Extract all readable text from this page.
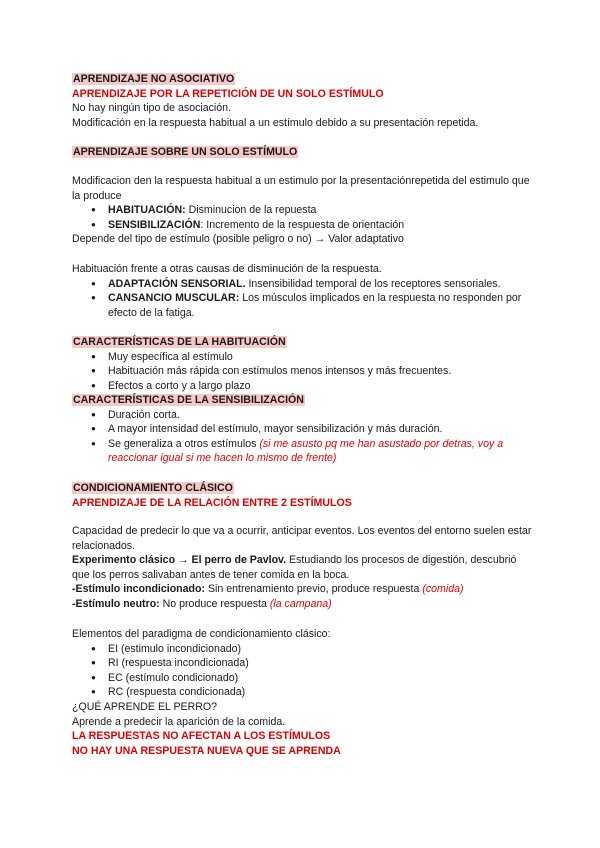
APRENDIZAJE NO ASOCIATIVO
APRENDIZAJE POR LA REPETICIÓN DE UN SOLO ESTÍMULO
No hay ningún tipo de asociación.
Modificación en la respuesta habitual a un estímulo debido a su presentación repetida.
APRENDIZAJE SOBRE UN SOLO ESTÍMULO
Modificacion den la respuesta habitual a un estimulo por la presentaciónrepetida del estimulo que la produce
● HABITUACIÓN: Disminucion de la repuesta
● SENSIBILIZACIÓN: Incremento de la respuesta de orientación
Depende del tipo de estímulo (posible peligro o no) → Valor adaptativo
Habituación frente a otras causas de disminución de la respuesta.
● ADAPTACIÓN SENSORIAL. Insensibilidad temporal de los receptores sensoriales.
● CANSANCIO MUSCULAR: Los músculos implicados en la respuesta no responden por efecto de la fatiga.
CARACTERÍSTICAS DE LA HABITUACIÓN
● Muy específica al estímulo
● Habituación más rápida con estímulos menos intensos y más frecuentes.
● Efectos a corto y a largo plazo
CARACTERÍSTICAS DE LA SENSIBILIZACIÓN
● Duración corta.
● A mayor intensidad del estímulo, mayor sensibilización y más duración.
● Se generaliza a otros estímulos (si me asusto pq me han asustado por detras, voy a reaccionar igual si me hacen lo mismo de frente)
CONDICIONAMIENTO CLÁSICO
APRENDIZAJE DE LA RELACIÓN ENTRE 2 ESTÍMULOS
Capacidad de predecir lo que va a ocurrir, anticipar eventos. Los eventos del entorno suelen estar relacionados.
Experimento clásico → El perro de Pavlov. Estudiando los procesos de digestión, descubrió que los perros salivaban antes de tener comida en la boca.
-Estímulo incondicionado: Sin entrenamiento previo, produce respuesta (comida)
-Estímulo neutro: No produce respuesta (la campana)
Elementos del paradigma de condicionamiento clásico:
● EI (estimulo incondicionado)
● RI (respuesta incondicionada)
● EC (estímulo condicionado)
● RC (respuesta condicionada)
¿QUÉ APRENDE EL PERRO?
Aprende a predecir la aparición de la comida.
LA RESPUESTAS NO AFECTAN A LOS ESTÍMULOS
NO HAY UNA RESPUESTA NUEVA QUE SE APRENDA
